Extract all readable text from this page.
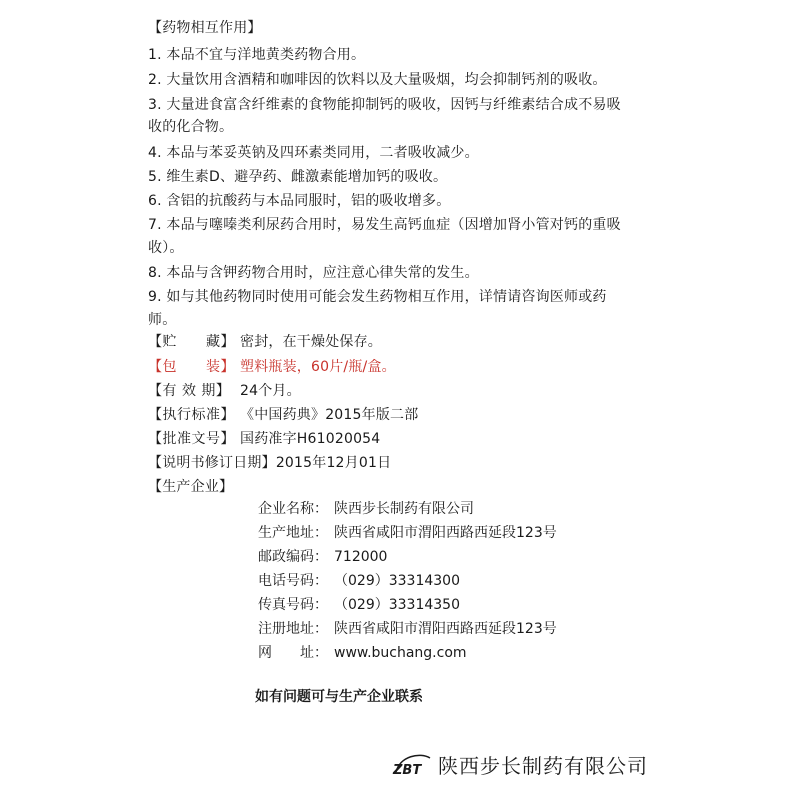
【药物相互作用】
1. 本品不宜与洋地黄类药物合用。
2. 大量饮用含酒精和咖啡因的饮料以及大量吸烟，均会抑制钙剂的吸收。
3. 大量进食富含纤维素的食物能抑制钙的吸收，因钙与纤维素结合成不易吸
收的化合物。
4. 本品与苯妥英钠及四环素类同用，二者吸收减少。
5. 维生素D、避孕药、雌激素能增加钙的吸收。
6. 含铝的抗酸药与本品同服时，铝的吸收增多。
7. 本品与噻嗪类利尿药合用时，易发生高钙血症（因增加肾小管对钙的重吸
收）。
8. 本品与含钾药物合用时，应注意心律失常的发生。
9. 如与其他药物同时使用可能会发生药物相互作用，详情请咨询医师或药
师。
【贮　　藏】 密封，在干燥处保存。
【包　　装】 塑料瓶装，60片/瓶/盒。
【有 效 期】 24个月。
【执行标准】 《中国药典》2015年版二部
【批准文号】 国药准字H61020054
【说明书修订日期】2015年12月01日
【生产企业】
企业名称： 陕西步长制药有限公司
生产地址： 陕西省咸阳市渭阳西路西延段123号
邮政编码： 712000
电话号码： （029）33314300
传真号码： （029）33314350
注册地址： 陕西省咸阳市渭阳西路西延段123号
网　　址： www.buchang.com
如有问题可与生产企业联系
ZBT 陕西步长制药有限公司
